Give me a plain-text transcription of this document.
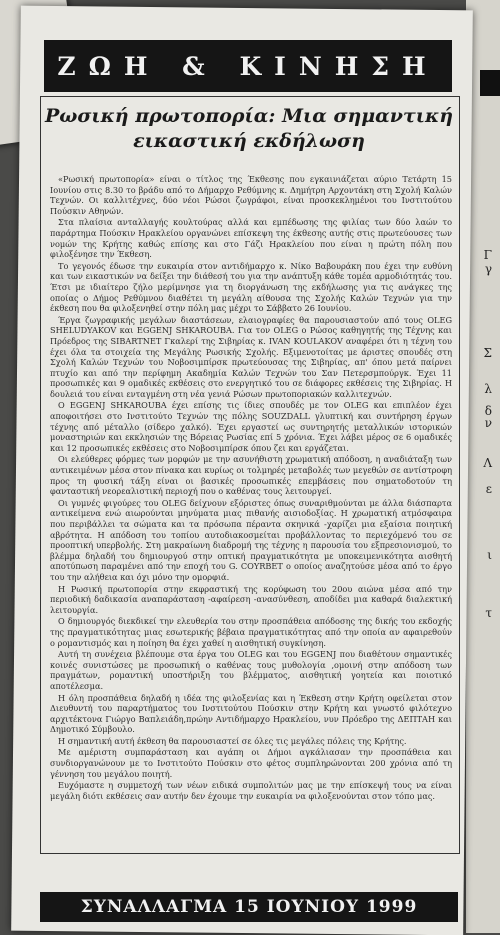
Γ
γ
Σ
λ
δ
ν
Λ
ε
ι
τ
ΖΩΗ & ΚΙΝΗΣΗ
Ρωσική πρωτοπορία: Μια σημαντική εικαστική εκδήλωση

«Ρωσική πρωτοπορία» είναι ο τίτλος της Έκθεσης που εγκαινιάζεται αύριο Τετάρτη 15 Ιουνίου στις 8.30 το βράδυ από το Δήμαρχο Ρεθύμνης κ. Δημήτρη Αρχοντάκη στη Σχολή Καλών Τεχνών. Οι καλλιτέχνες, δύο νέοι Ρώσοι ζωγράφοι, είναι προσκεκλημένοι του Ινστιτούτου Πούσκιν Αθηνών.

Στα πλαίσια ανταλλαγής κουλτούρας αλλά και εμπέδωσης της φιλίας των δύο λαών το παράρτημα Πούσκιν Ηρακλείου οργανώνει επίσκεψη της έκθεσης αυτής στις πρωτεύουσες των νομών της Κρήτης καθώς επίσης και στο Γάζι Ηρακλείου που είναι η πρώτη πόλη που φιλοξένησε την Έκθεση.

Το γεγονός έδωσε την ευκαιρία στον αντιδήμαρχο κ. Νίκο Βαβουράκη που έχει την ευθύνη και των εικαστικών να δείξει την διάθεσή του για την ανάπτυξη κάθε τομέα αρμοδιότητάς του. Έτσι με ιδιαίτερο ζήλο μερίμνησε για τη διοργάνωση της εκδήλωσης για τις ανάγκες της οποίας ο Δήμος Ρεθύμνου διαθέτει τη μεγάλη αίθουσα της Σχολής Καλών Τεχνών για την έκθεση που θα φιλοξενηθεί στην πόλη μας μέχρι το Σάββατο 26 Ιουνίου.

Έργα ζωγραφικής μεγάλων διαστάσεων, ελαιογραφίες θα παρουσιαστούν από τους OLEG SHELUDYAKOV και EGGENJ SHKAROUBA. Για τον OLEG ο Ρώσος καθηγητής της Τέχνης και Πρόεδρος της SIBARTNET Γκαλερί της Σιβηρίας κ. IVAN KOULAKOV αναφέρει ότι η τέχνη του έχει όλα τα στοιχεία της Μεγάλης Ρωσικής Σχολής. Εξιμενοτοίτας με άριστες σπουδές στη Σχολή Καλών Τεχνών του Νοβοσιμπίρσκ πρωτεύουσας της Σιβηρίας, απ' όπου μετά παίρνει πτυχίο και από την περίφημη Ακαδημία Καλών Τεχνών του Σαν Πετερσμπούργκ. Έχει 11 προσωπικές και 9 ομαδικές εκθέσεις στο ενεργητικό του σε διάφορες εκθέσεις της Σιβηρίας. Η δουλειά του είναι ενταγμένη στη νέα γενιά Ρώσων πρωτοποριακών καλλιτεχνών.

Ο EGGENJ SHKAROUBA έχει επίσης τις ίδιες σπουδές με τον OLEG και επιπλέον έχει αποφοιτήσει στο Ινστιτούτο Τεχνών της πόλης SOUZDALL γλυπτική και συντήρηση έργων τέχνης από μέταλλο (σίδερο χαλκό). Έχει εργαστεί ως συντηρητής μεταλλικών ιστορικών μοναστηριών και εκκλησιών της Βόρειας Ρωσίας επί 5 χρόνια. Έχει λάβει μέρος σε 6 ομαδικές και 12 προσωπικές εκθέσεις στο Νοβοσιμπίρσκ όπου ζει και εργάζεται.

Οι ελεύθερες φόρμες των μορφών με την ασυνήθιστη χρωματική απόδοση, η αναδιάταξη των αντικειμένων μέσα στον πίνακα και κυρίως οι τολμηρές μεταβολές των μεγεθών σε αντίστροφη προς τη φυσική τάξη είναι οι βασικές προσωπικές επεμβάσεις που σηματοδοτούν τη φανταστική νεορεαλιστική περιοχή που ο καθένας τους λειτουργεί.

Οι γυμνές φιγούρες του OLEG δείχνουν εξόριστες όπως συναριθμούνται με άλλα διάσπαρτα αντικείμενα ενώ αιωρούνται μηνύματα μιας πιθανής αισιοδοξίας. Η χρωματική ατμόσφαιρα που περιβάλλει τα σώματα και τα πρόσωπα πέραντα σκηνικά -χαρίζει μια εξαίσια ποιητική αβρότητα. Η απόδοση του τοπίου αυτοδιακοσμείται προβάλλοντας το περιεχόμενό του σε προοπτική υπερβολής. Στη μακραίωνη διαδρομή της τέχνης η παρουσία του εξπρεσιονισμού, το βλέμμα δηλαδή του δημιουργού στην οπτική πραγματικότητα με υποκειμενικότητα αισθητή αποτύπωση παραμένει από την εποχή του G. COYRBET ο οποίος αναζητούσε μέσα από το έργο του την αλήθεια και όχι μόνο την ομορφιά.

Η Ρωσική πρωτοπορία στην εκφραστική της κορύφωση του 20ου αιώνα μέσα από την περιοδική δαδικασία αναπαράσταση -αφαίρεση -ανασύνθεση, αποδίδει μια καθαρά διαλεκτική λειτουργία.

Ο δημιουργός διεκδικεί την ελευθερία του στην προσπάθεια απόδοσης της δικής του εκδοχής της πραγματικότητας μιας εσωτερικής βέβαια πραγματικότητας από την οποία αν αφαιρεθούν ο ρομαντισμός και η ποίηση θα έχει χαθεί η αισθητική συγκίνηση.

Αυτή τη συνέχεια βλέπουμε στα έργα του OLEG και του EGGENJ που διαθέτουν σημαντικές κοινές συνιστώσες με προσωπική ο καθένας τους μυθολογία ,ομοινή στην απόδοση των πραγμάτων, ρομαντική υποστήριξη του βλέμματος, αισθητική γοητεία και ποιοτικό αποτέλεσμα.

Η όλη προσπάθεια δηλαδή η ιδέα της φιλοξενίας και η Έκθεση στην Κρήτη οφείλεται στον Διευθυντή του παραρτήματος του Ινστιτούτου Πούσκιν στην Κρήτη και γνωστό φιλότεχνο αρχιτέκτονα Γιώργο Βαπλειάδη,πρώην Αντιδήμαρχο Ηρακλείου, νυν Πρόεδρο της ΔΕΠΤΑΗ και Δημοτικό Σύμβουλο.

Η σημαντική αυτή έκθεση θα παρουσιαστεί σε όλες τις μεγάλες πόλεις της Κρήτης.

Με αμέριστη συμπαράσταση και αγάπη οι Δήμοι αγκάλιασαν την προσπάθεια και συνδιοργανώνουν με το Ινστιτούτο Πούσκιν στο φέτος συμπληρώνονται 200 χρόνια από τη γέννηση του μεγάλου ποιητή.

Ευχόμαστε η συμμετοχή των νέων ειδικά συμπολιτών μας με την επίσκεψή τους να είναι μεγάλη διότι εκθέσεις σαν αυτήν δεν έχουμε την ευκαιρία να φιλοξενούνται στον τόπο μας.

ΣΥΝΑΛΛΑΓΜΑ 15 ΙΟΥΝΙΟΥ 1999
